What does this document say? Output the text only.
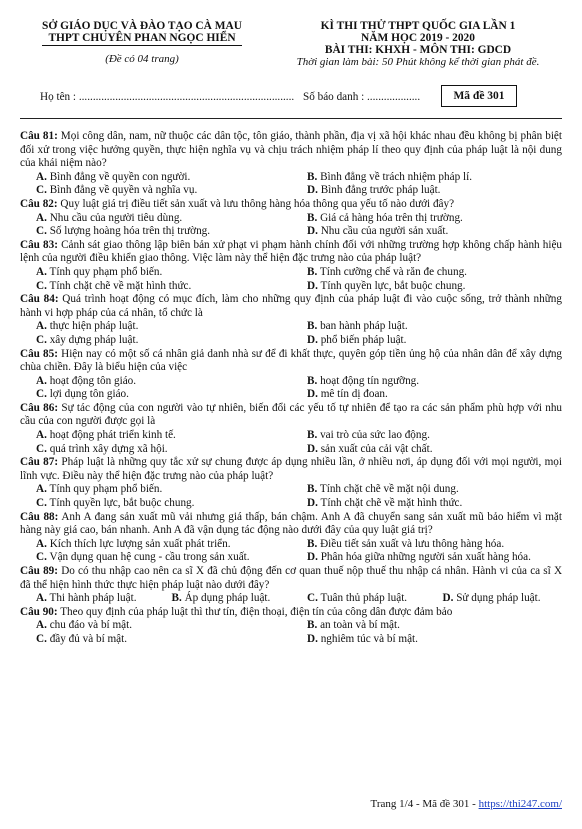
SỞ GIÁO DỤC VÀ ĐÀO TẠO CÀ MAU
THPT CHUYÊN PHAN NGỌC HIỂN
(Đề có 04 trang)
KÌ THI THỬ THPT QUỐC GIA LẦN 1
NĂM HỌC 2019 - 2020
BÀI THI: KHXH - MÔN THI: GDCD
Thời gian làm bài: 50 Phút không kể thời gian phát đề.
Họ tên : ............................................................................. Số báo danh : ...................	Mã đề 301
Câu 81: Mọi công dân, nam, nữ thuộc các dân tộc, tôn giáo, thành phần, địa vị xã hội khác nhau đều không bị phân biệt đối xử trong việc hưởng quyền, thực hiện nghĩa vụ và chịu trách nhiệm pháp lí theo quy định của pháp luật là nội dung của khái niệm nào?
A. Bình đẳng về quyền con người.	B. Bình đẳng về trách nhiệm pháp lí.
C. Bình đẳng về quyền và nghĩa vụ.	D. Bình đẳng trước pháp luật.
Câu 82: Quy luật giá trị điều tiết sản xuất và lưu thông hàng hóa thông qua yếu tố nào dưới đây?
A. Nhu cầu của người tiêu dùng.	B. Giá cả hàng hóa trên thị trường.
C. Số lượng hoàng hóa trên thị trường.	D. Nhu cầu của người sản xuất.
Câu 83: Cảnh sát giao thông lập biên bản xử phạt vi phạm hành chính đối với những trường hợp không chấp hành hiệu lệnh của người điều khiển giao thông. Việc làm này thể hiện đặc trưng nào của pháp luật?
A. Tính quy phạm phổ biến.	B. Tính cưỡng chế và răn đe chung.
C. Tính chặt chẽ về mặt hình thức.	D. Tính quyền lực, bắt buộc chung.
Câu 84: Quá trình hoạt động có mục đích, làm cho những quy định của pháp luật đi vào cuộc sống, trở thành những hành vi hợp pháp của cá nhân, tổ chức là
A. thực hiện pháp luật.	B. ban hành pháp luật.
C. xây dựng pháp luật.	D. phổ biến pháp luật.
Câu 85: Hiện nay có một số cá nhân giả danh nhà sư để đi khất thực, quyên góp tiền ủng hộ của nhân dân để xây dựng chùa chiền. Đây là biểu hiện của việc
A. hoạt động tôn giáo.	B. hoạt động tín ngưỡng.
C. lợi dụng tôn giáo.	D. mê tín dị đoan.
Câu 86: Sự tác động của con người vào tự nhiên, biến đổi các yếu tố tự nhiên để tạo ra các sản phẩm phù hợp với nhu cầu của con người được gọi là
A. hoạt động phát triển kinh tế.	B. vai trò của sức lao động.
C. quá trình xây dựng xã hội.	D. sản xuất của cải vật chất.
Câu 87: Pháp luật là những quy tắc xử sự chung được áp dụng nhiều lần, ở nhiều nơi, áp dụng đối với mọi người, mọi lĩnh vực. Điều này thể hiện đặc trưng nào của pháp luật?
A. Tính quy phạm phổ biến.	B. Tính chặt chẽ về mặt nội dung.
C. Tính quyền lực, bắt buộc chung.	D. Tính chặt chẽ về mặt hình thức.
Câu 88: Anh A đang sản xuất mũ vải nhưng giá thấp, bán chậm. Anh A đã chuyển sang sản xuất mũ bảo hiểm vì mặt hàng này giá cao, bán nhanh. Anh A đã vận dụng tác động nào dưới đây của quy luật giá trị?
A. Kích thích lực lượng sản xuất phát triển.	B. Điều tiết sản xuất và lưu thông hàng hóa.
C. Vận dụng quan hệ cung - cầu trong sản xuất.	D. Phân hóa giữa những người sản xuất hàng hóa.
Câu 89: Do có thu nhập cao nên ca sĩ X đã chủ động đến cơ quan thuế nộp thuế thu nhập cá nhân. Hành vi của ca sĩ X đã thể hiện hình thức thực hiện pháp luật nào dưới đây?
A. Thi hành pháp luật.	B. Áp dụng pháp luật.	C. Tuân thủ pháp luật.	D. Sử dụng pháp luật.
Câu 90: Theo quy định của pháp luật thì thư tín, điện thoại, điện tín của công dân được đảm bảo
A. chu đáo và bí mật.	B. an toàn và bí mật.
C. đầy đủ và bí mật.	D. nghiêm túc và bí mật.
Trang 1/4 - Mã đề 301 - https://thi247.com/
